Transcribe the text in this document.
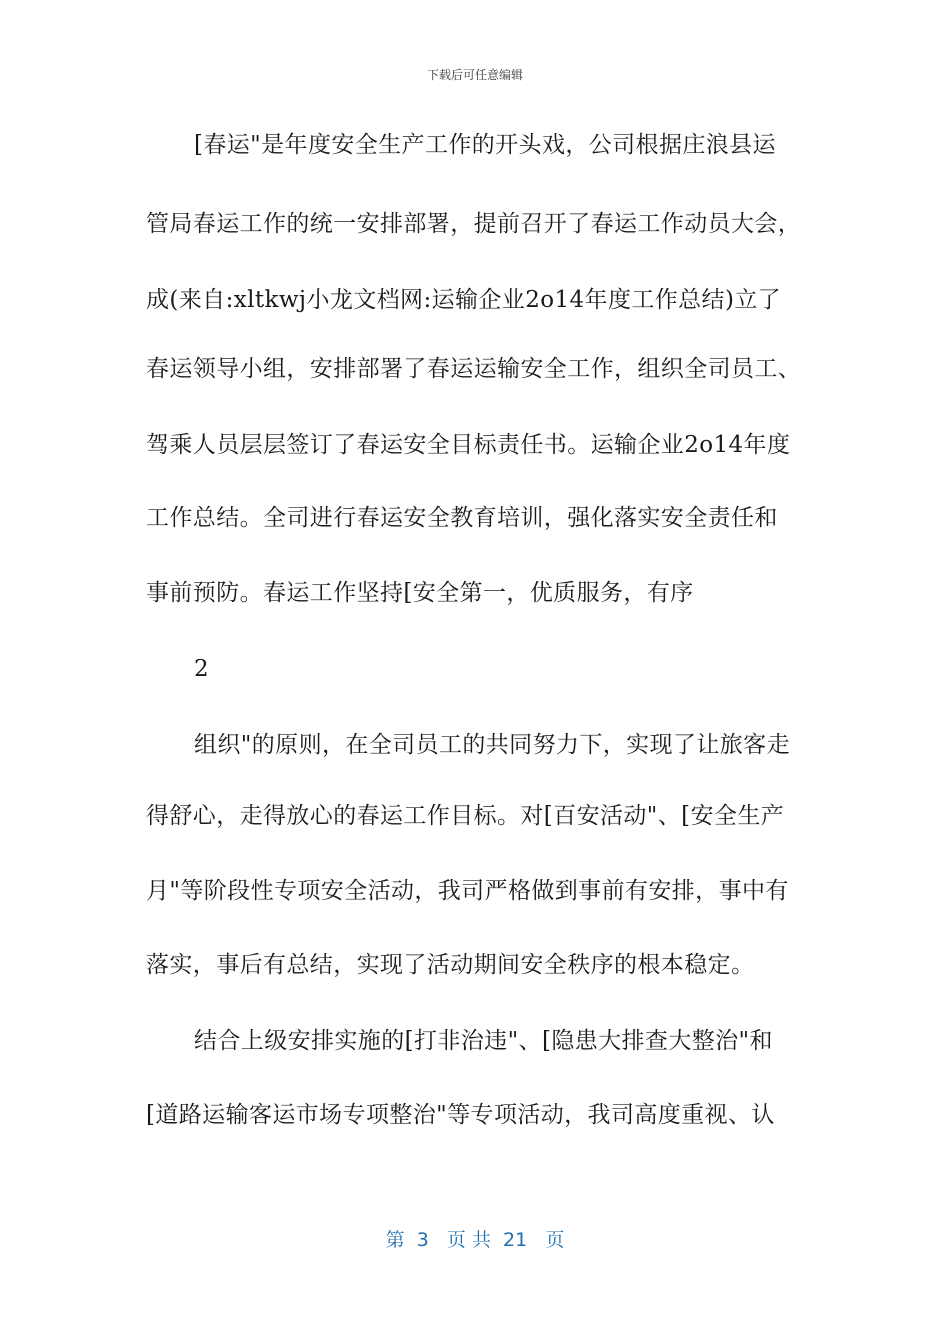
下载后可任意编辑
[春运"是年度安全生产工作的开头戏，公司根据庄浪县运
管局春运工作的统一安排部署，提前召开了春运工作动员大会，
成(来自:xltkwj小龙文档网:运输企业2o14年度工作总结)立了
春运领导小组，安排部署了春运运输安全工作，组织全司员工、
驾乘人员层层签订了春运安全目标责任书。运输企业2o14年度
工作总结。全司进行春运安全教育培训，强化落实安全责任和
事前预防。春运工作坚持[安全第一，优质服务，有序
2
组织"的原则，在全司员工的共同努力下，实现了让旅客走
得舒心，走得放心的春运工作目标。对[百安活动"、[安全生产
月"等阶段性专项安全活动，我司严格做到事前有安排，事中有
落实，事后有总结，实现了活动期间安全秩序的根本稳定。
结合上级安排实施的[打非治违"、[隐患大排查大整治"和
[道路运输客运市场专项整治"等专项活动，我司高度重视、认
第  3   页 共  21   页
